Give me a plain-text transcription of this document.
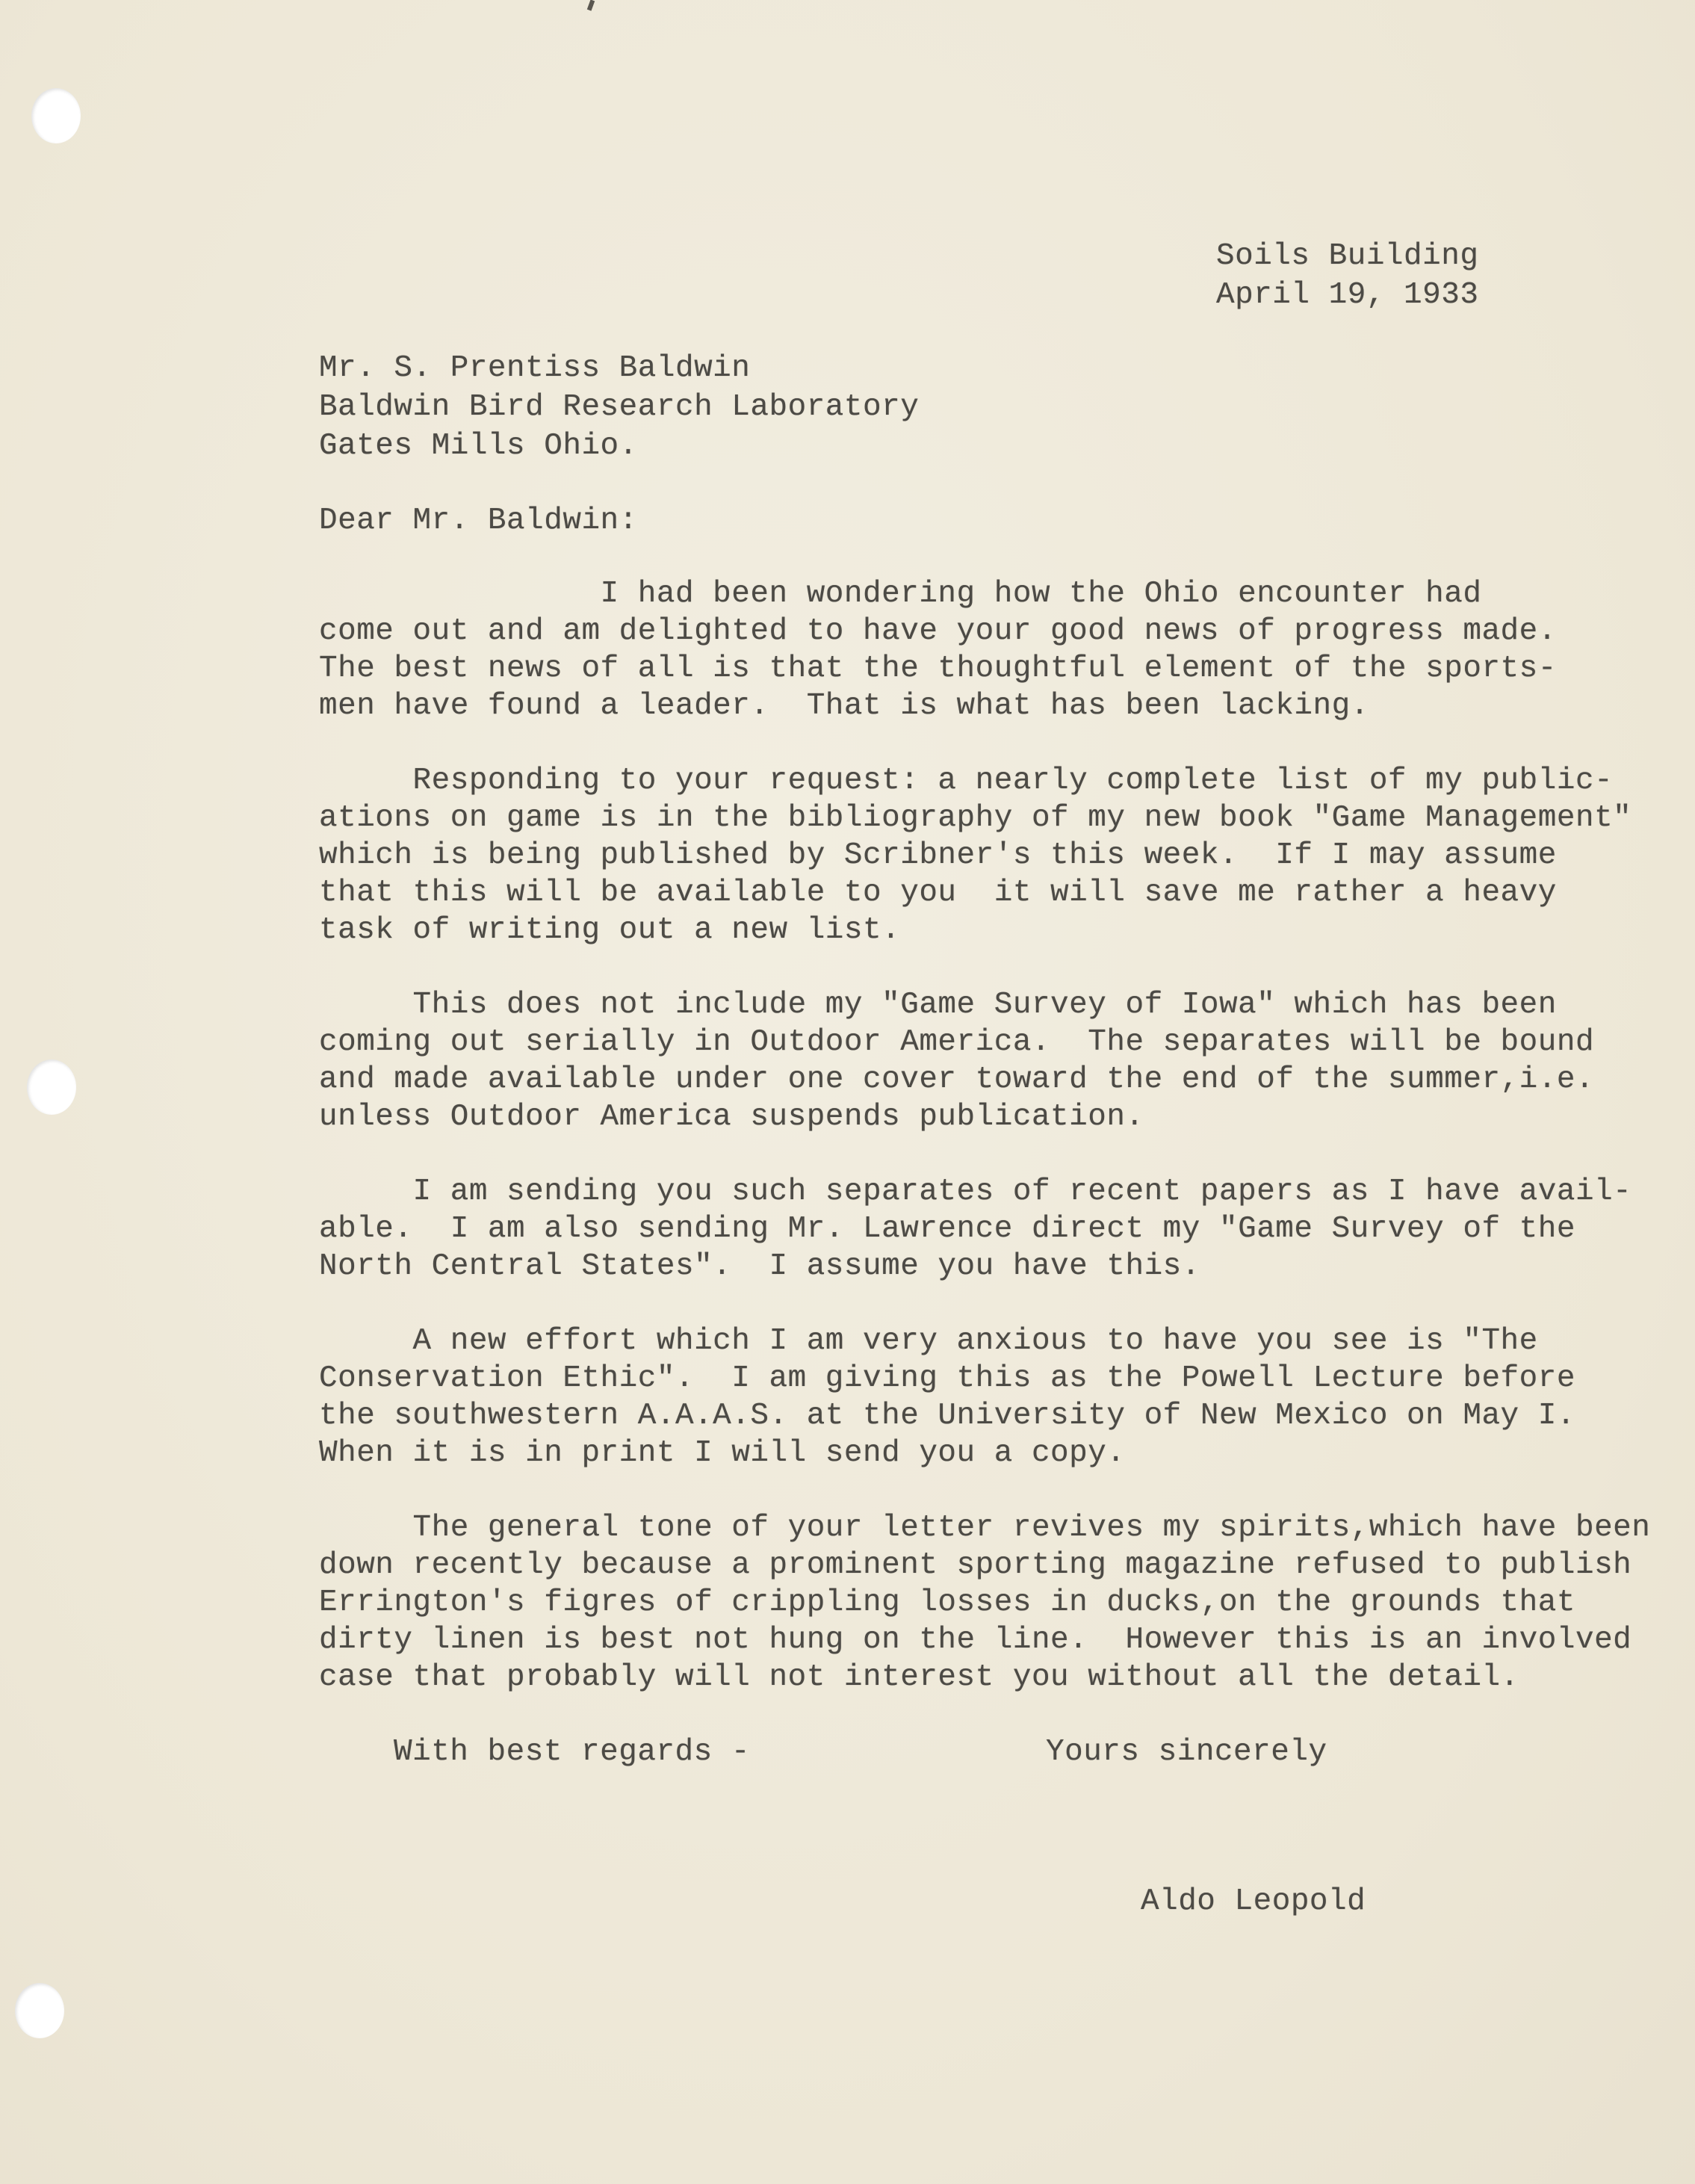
Soils Building
April 19, 1933
Mr. S. Prentiss Baldwin
Baldwin Bird Research Laboratory
Gates Mills Ohio.
Dear Mr. Baldwin:
I had been wondering how the Ohio encounter had
come out and am delighted to have your good news of progress made.
The best news of all is that the thoughtful element of the sports-
men have found a leader.  That is what has been lacking.
Responding to your request: a nearly complete list of my public-
ations on game is in the bibliography of my new book "Game Management"
which is being published by Scribner's this week.  If I may assume
that this will be available to you  it will save me rather a heavy
task of writing out a new list.
This does not include my "Game Survey of Iowa" which has been
coming out serially in Outdoor America.  The separates will be bound
and made available under one cover toward the end of the summer,i.e.
unless Outdoor America suspends publication.
I am sending you such separates of recent papers as I have avail-
able.  I am also sending Mr. Lawrence direct my "Game Survey of the
North Central States".  I assume you have this.
A new effort which I am very anxious to have you see is "The
Conservation Ethic".  I am giving this as the Powell Lecture before
the southwestern A.A.A.S. at the University of New Mexico on May I.
When it is in print I will send you a copy.
The general tone of your letter revives my spirits,which have been
down recently because a prominent sporting magazine refused to publish
Errington's figres of crippling losses in ducks,on the grounds that
dirty linen is best not hung on the line.  However this is an involved
case that probably will not interest you without all the detail.
With best regards -	Yours sincerely
Aldo Leopold
